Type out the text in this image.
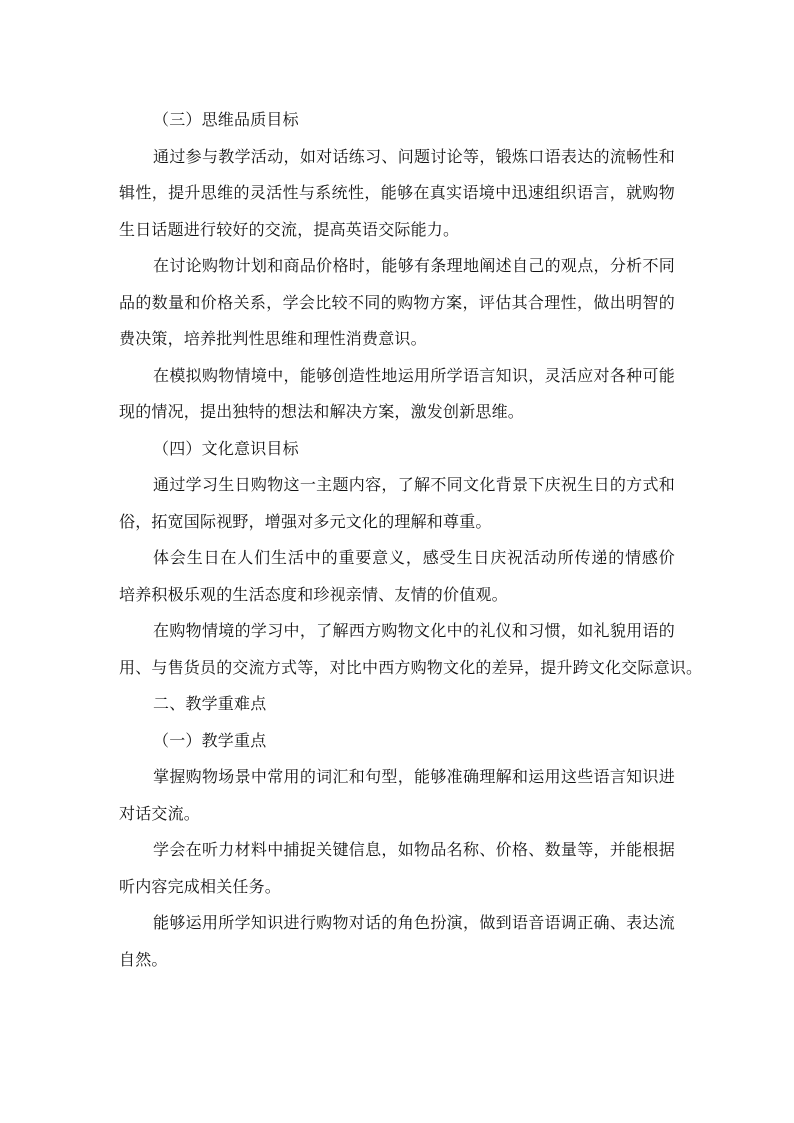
（三）思维品质目标
通过参与教学活动，如对话练习、问题讨论等，锻炼口语表达的流畅性和
辑性，提升思维的灵活性与系统性，能够在真实语境中迅速组织语言，就购物
生日话题进行较好的交流，提高英语交际能力。
在讨论购物计划和商品价格时，能够有条理地阐述自己的观点，分析不同
品的数量和价格关系，学会比较不同的购物方案，评估其合理性，做出明智的
费决策，培养批判性思维和理性消费意识。
在模拟购物情境中，能够创造性地运用所学语言知识，灵活应对各种可能
现的情况，提出独特的想法和解决方案，激发创新思维。
（四）文化意识目标
通过学习生日购物这一主题内容，了解不同文化背景下庆祝生日的方式和
俗，拓宽国际视野，增强对多元文化的理解和尊重。
体会生日在人们生活中的重要意义，感受生日庆祝活动所传递的情感价
培养积极乐观的生活态度和珍视亲情、友情的价值观。
在购物情境的学习中，了解西方购物文化中的礼仪和习惯，如礼貌用语的
用、与售货员的交流方式等，对比中西方购物文化的差异，提升跨文化交际意识。
二、教学重难点
（一）教学重点
掌握购物场景中常用的词汇和句型，能够准确理解和运用这些语言知识进
对话交流。
学会在听力材料中捕捉关键信息，如物品名称、价格、数量等，并能根据
听内容完成相关任务。
能够运用所学知识进行购物对话的角色扮演，做到语音语调正确、表达流
自然。
